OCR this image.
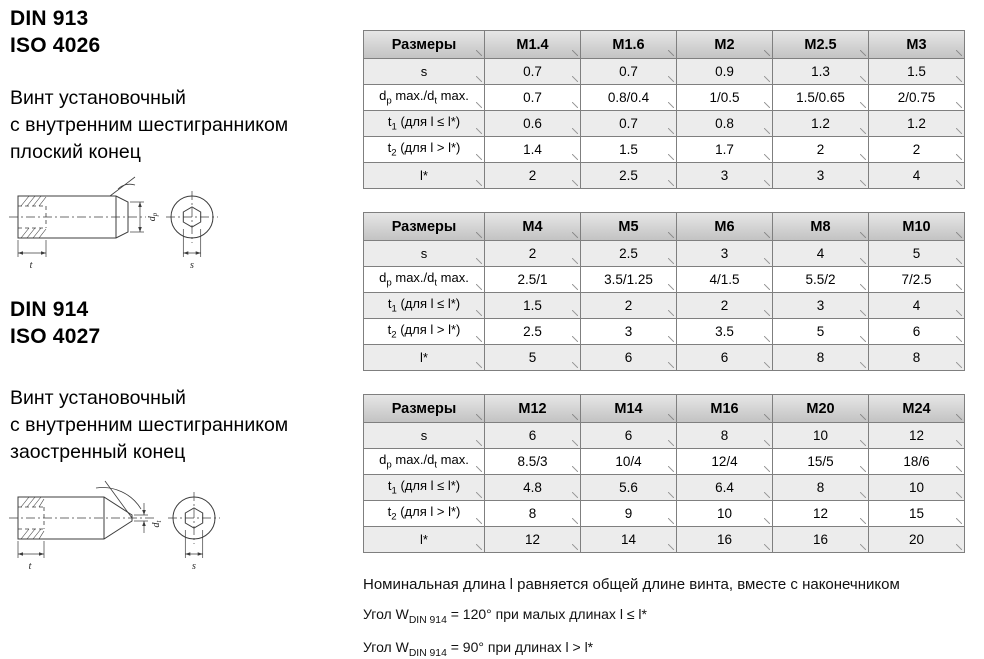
DIN 913
ISO 4026
Винт установочный
с внутренним шестигранником
плоский конец
t
$d_p$
s
DIN 914
ISO 4027
Винт установочный
с внутренним шестигранником
заостренный конец
t
$d_t$
s
Размеры	M1.4	M1.6	M2	M2.5	M3
s	0.7	0.7	0.9	1.3	1.5
$d_p$ $\max./d_t$ max.	0.7	0.8/0.4	1/0.5	1.5/0.65	2/0.75
$t_1$ (для l ≤ l*)	0.6	0.7	0.8	1.2	1.2
$t_2$ (для l > l*)	1.4	1.5	1.7	2	2
l*	2	2.5	3	3	4
Размеры	M4	M5	M6	M8	M10
s	2	2.5	3	4	5
$d_p$ $\max./d_t$ max.	2.5/1	3.5/1.25	4/1.5	5.5/2	7/2.5
$t_1$ (для l ≤ l*)	1.5	2	2	3	4
$t_2$ (для l > l*)	2.5	3	3.5	5	6
l*	5	6	6	8	8
Размеры	M12	M14	M16	M20	M24
s	6	6	8	10	12
$d_p$ $\max./d_t$ max.	8.5/3	10/4	12/4	15/5	18/6
$t_1$ (для l ≤ l*)	4.8	5.6	6.4	8	10
$t_2$ (для l > l*)	8	9	10	12	15
l*	12	14	16	16	20
Номинальная длина l равняется общей длине винта, вместе с наконечником
Угол $W_{DIN 914} = 120^\circ$ при малых длинах l ≤ l*
Угол $W_{DIN 914} = 90^\circ$ при длинах l > l*
